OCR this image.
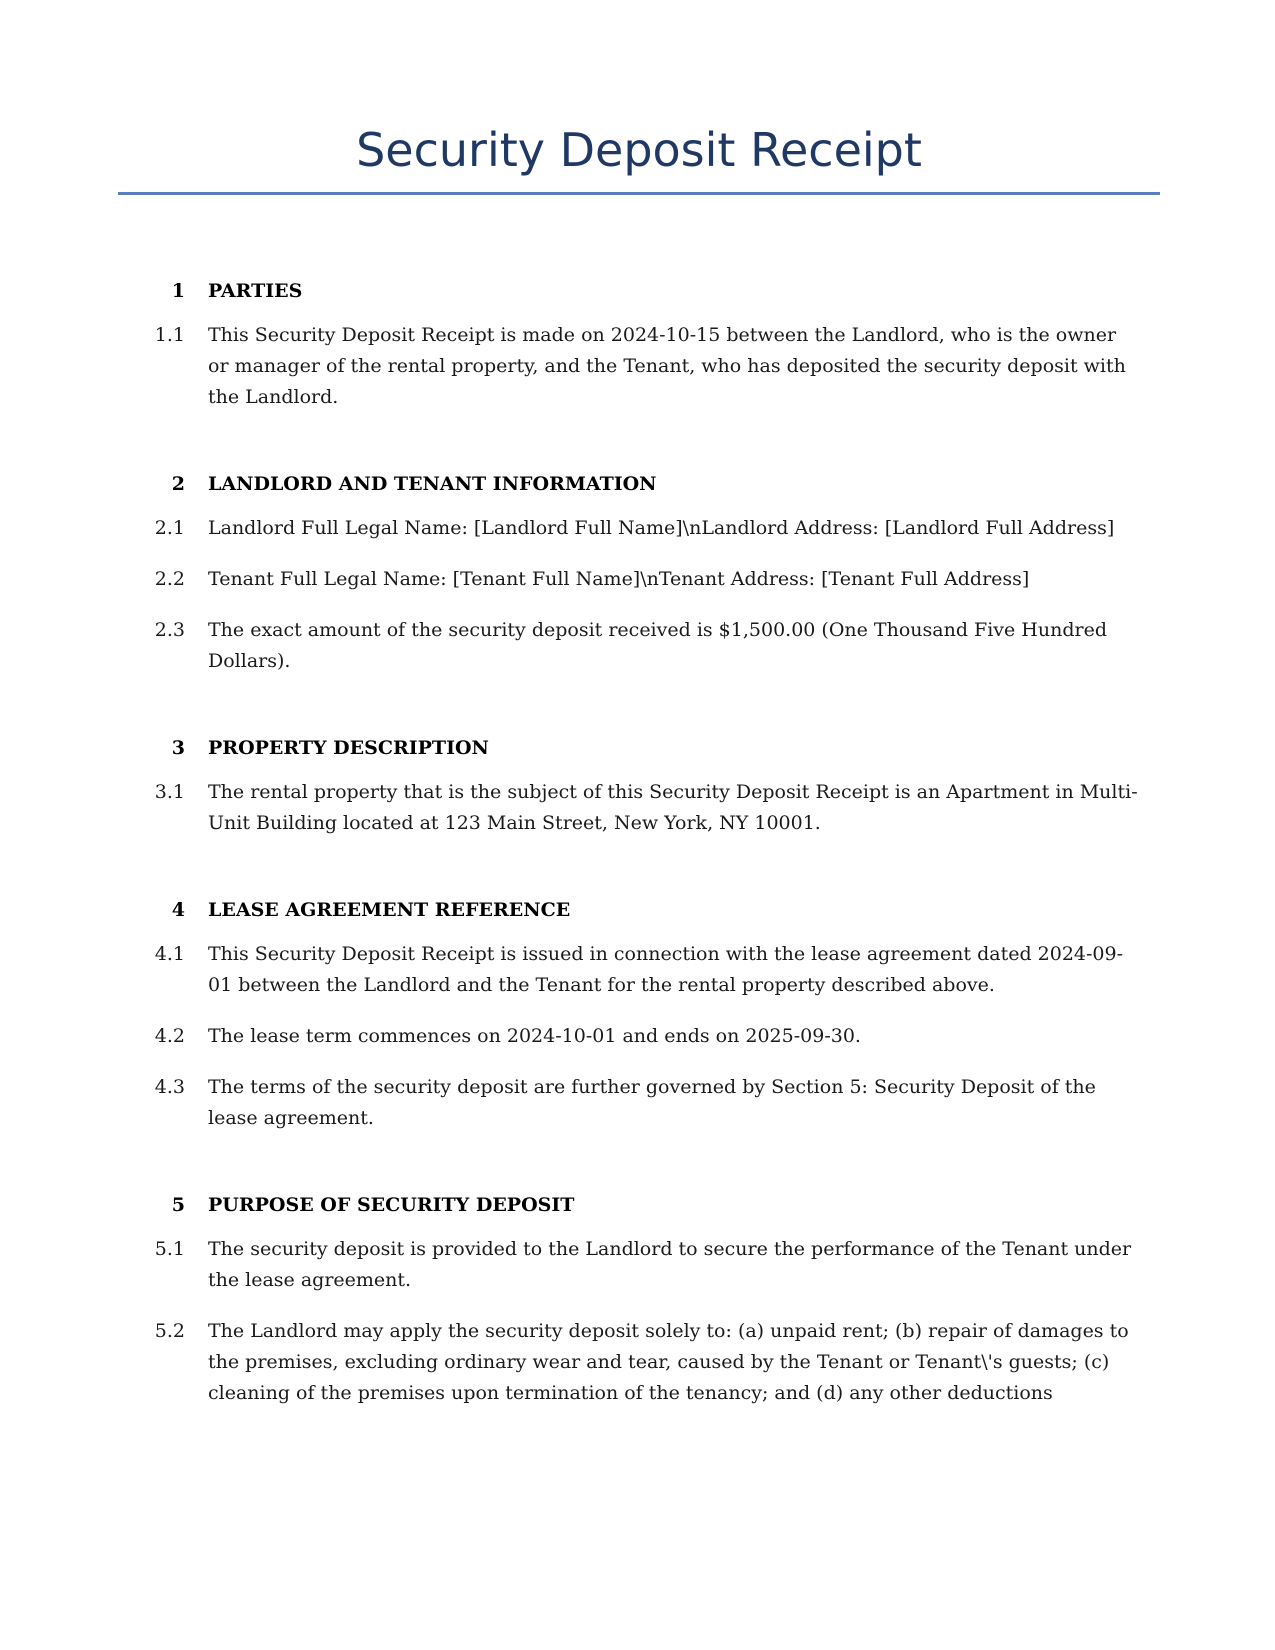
Security Deposit Receipt
1 PARTIES
1.1 This Security Deposit Receipt is made on 2024-10-15 between the Landlord, who is the owner or manager of the rental property, and the Tenant, who has deposited the security deposit with the Landlord.
2 LANDLORD AND TENANT INFORMATION
2.1 Landlord Full Legal Name: [Landlord Full Name]\nLandlord Address: [Landlord Full Address]
2.2 Tenant Full Legal Name: [Tenant Full Name]\nTenant Address: [Tenant Full Address]
2.3 The exact amount of the security deposit received is $1,500.00 (One Thousand Five Hundred Dollars).
3 PROPERTY DESCRIPTION
3.1 The rental property that is the subject of this Security Deposit Receipt is an Apartment in Multi-Unit Building located at 123 Main Street, New York, NY 10001.
4 LEASE AGREEMENT REFERENCE
4.1 This Security Deposit Receipt is issued in connection with the lease agreement dated 2024-09-01 between the Landlord and the Tenant for the rental property described above.
4.2 The lease term commences on 2024-10-01 and ends on 2025-09-30.
4.3 The terms of the security deposit are further governed by Section 5: Security Deposit of the lease agreement.
5 PURPOSE OF SECURITY DEPOSIT
5.1 The security deposit is provided to the Landlord to secure the performance of the Tenant under the lease agreement.
5.2 The Landlord may apply the security deposit solely to: (a) unpaid rent; (b) repair of damages to the premises, excluding ordinary wear and tear, caused by the Tenant or Tenant\'s guests; (c) cleaning of the premises upon termination of the tenancy; and (d) any other deductions
